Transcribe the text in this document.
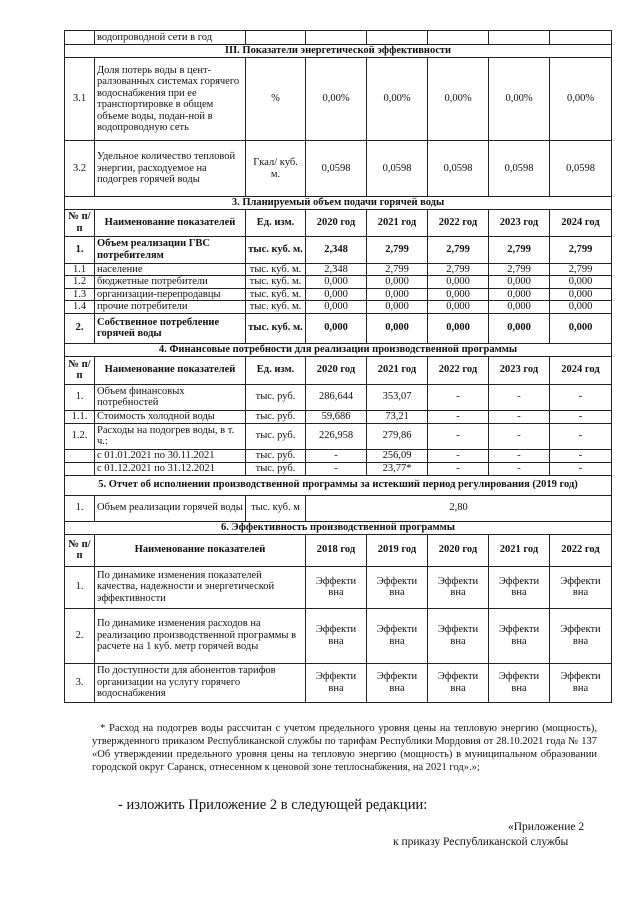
	водопроводной сети в год						
III. Показатели энергетической эффективности							
3.1	Доля потерь воды в цент-ралзованных системах горячего водоснабжения при ее транспортировке в общем объеме воды, подан-ной в водопроводную сеть	%	0,00%	0,00%	0,00%	0,00%	0,00%
3.2	Удельное количество тепловой энергии, расходуемое на подогрев горячей воды	Гкал/ куб. м.	0,0598	0,0598	0,0598	0,0598	0,0598
3. Планируемый объем подачи горячей воды							
№ п/п	Наименование показателей	Ед. изм.	2020 год	2021 год	2022 год	2023 год	2024 год
1.	Объем реализации ГВС потребителям	тыс. куб. м.	2,348	2,799	2,799	2,799	2,799
1.1	население	тыс. куб. м.	2,348	2,799	2,799	2,799	2,799
1.2	бюджетные потребители	тыс. куб. м.	0,000	0,000	0,000	0,000	0,000
1.3	организации-перепродавцы	тыс. куб. м.	0,000	0,000	0,000	0,000	0,000
1.4	прочие потребители	тыс. куб. м.	0,000	0,000	0,000	0,000	0,000
2.	Собственное потребление горячей воды	тыс. куб. м.	0,000	0,000	0,000	0,000	0,000
4. Финансовые потребности для реализации производственной программы							
№ п/п	Наименование показателей	Ед. изм.	2020 год	2021 год	2022 год	2023 год	2024 год
1.	Объем финансовых потребностей	тыс. руб.	286,644	353,07	-	-	-
1.1.	Стоимость холодной воды	тыс. руб.	59,686	73,21	-	-	-
1.2.	Расходы на подогрев воды, в т. ч.:	тыс. руб.	226,958	279,86	-	-	-
	с 01.01.2021 по 30.11.2021	тыс. руб.	-	256,09	-	-	-
	с 01.12.2021 по 31.12.2021	тыс. руб.	-	23,77*	-	-	-
5. Отчет об исполнении производственной программы за истекший период регулирования (2019 год)							
1.	Объем реализации горячей воды	тыс. куб. м	2,80				
6. Эффективность производственной программы							
№ п/п	Наименование показателей		2018 год	2019 год	2020 год	2021 год	2022 год
1.	По динамике изменения показателей качества, надежности и энергетической эффективности		Эффекти вна	Эффекти вна	Эффекти вна	Эффекти вна	Эффекти вна
2.	По динамике изменения расходов на реализацию производственной программы в расчете на 1 куб. метр горячей воды		Эффекти вна	Эффекти вна	Эффекти вна	Эффекти вна	Эффекти вна
3.	По доступности для абонентов тарифов организации на услугу горячего водоснабжения		Эффекти вна	Эффекти вна	Эффекти вна	Эффекти вна	Эффекти вна
* Расход на подогрев воды рассчитан с учетом предельного уровня цены на тепловую энергию (мощность), утвержденного приказом Республиканской службы по тарифам Республики Мордовия от 28.10.2021 года № 137 «Об утверждении предельного уровня цены на тепловую энергию (мощность) в муниципальном образовании городской округ Саранск, отнесенном к ценовой зоне теплоснабжения, на 2021 год».»;
- изложить Приложение 2 в следующей редакции:
«Приложение 2
к приказу Республиканской службы
